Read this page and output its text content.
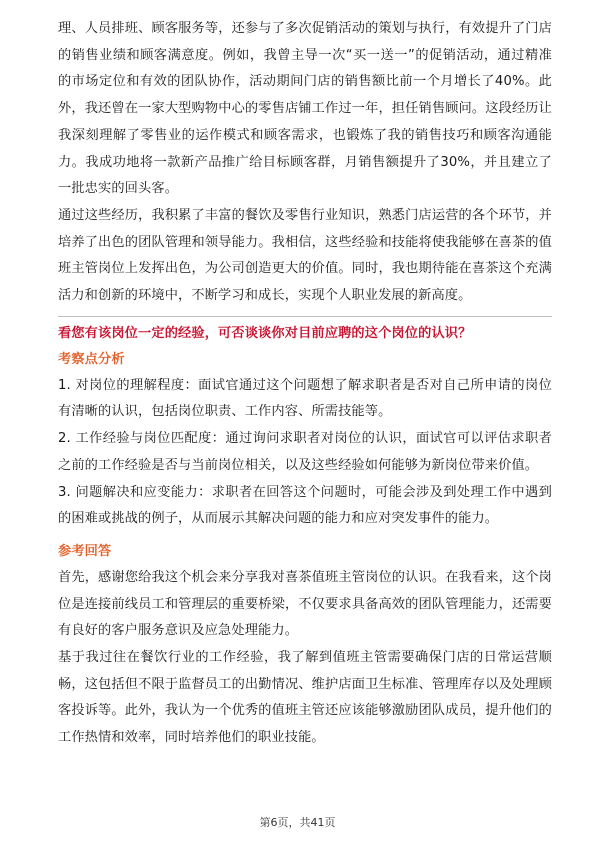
理、人员排班、顾客服务等，还参与了多次促销活动的策划与执行，有效提升了门店的销售业绩和顾客满意度。例如，我曾主导一次“买一送一”的促销活动，通过精准的市场定位和有效的团队协作，活动期间门店的销售额比前一个月增长了40%。此外，我还曾在一家大型购物中心的零售店铺工作过一年，担任销售顾问。这段经历让我深刻理解了零售业的运作模式和顾客需求，也锻炼了我的销售技巧和顾客沟通能力。我成功地将一款新产品推广给目标顾客群，月销售额提升了30%，并且建立了一批忠实的回头客。

通过这些经历，我积累了丰富的餐饮及零售行业知识，熟悉门店运营的各个环节，并培养了出色的团队管理和领导能力。我相信，这些经验和技能将使我能够在喜茶的值班主管岗位上发挥出色，为公司创造更大的价值。同时，我也期待能在喜茶这个充满活力和创新的环境中，不断学习和成长，实现个人职业发展的新高度。

看您有该岗位一定的经验，可否谈谈你对目前应聘的这个岗位的认识？

考察点分析

1. 对岗位的理解程度：面试官通过这个问题想了解求职者是否对自己所申请的岗位有清晰的认识，包括岗位职责、工作内容、所需技能等。

2. 工作经验与岗位匹配度：通过询问求职者对岗位的认识，面试官可以评估求职者之前的工作经验是否与当前岗位相关，以及这些经验如何能够为新岗位带来价值。

3. 问题解决和应变能力：求职者在回答这个问题时，可能会涉及到处理工作中遇到的困难或挑战的例子，从而展示其解决问题的能力和应对突发事件的能力。

参考回答

首先，感谢您给我这个机会来分享我对喜茶值班主管岗位的认识。在我看来，这个岗位是连接前线员工和管理层的重要桥梁，不仅要求具备高效的团队管理能力，还需要有良好的客户服务意识及应急处理能力。

基于我过往在餐饮行业的工作经验，我了解到值班主管需要确保门店的日常运营顺畅，这包括但不限于监督员工的出勤情况、维护店面卫生标准、管理库存以及处理顾客投诉等。此外，我认为一个优秀的值班主管还应该能够激励团队成员，提升他们的工作热情和效率，同时培养他们的职业技能。

第6页，共41页
